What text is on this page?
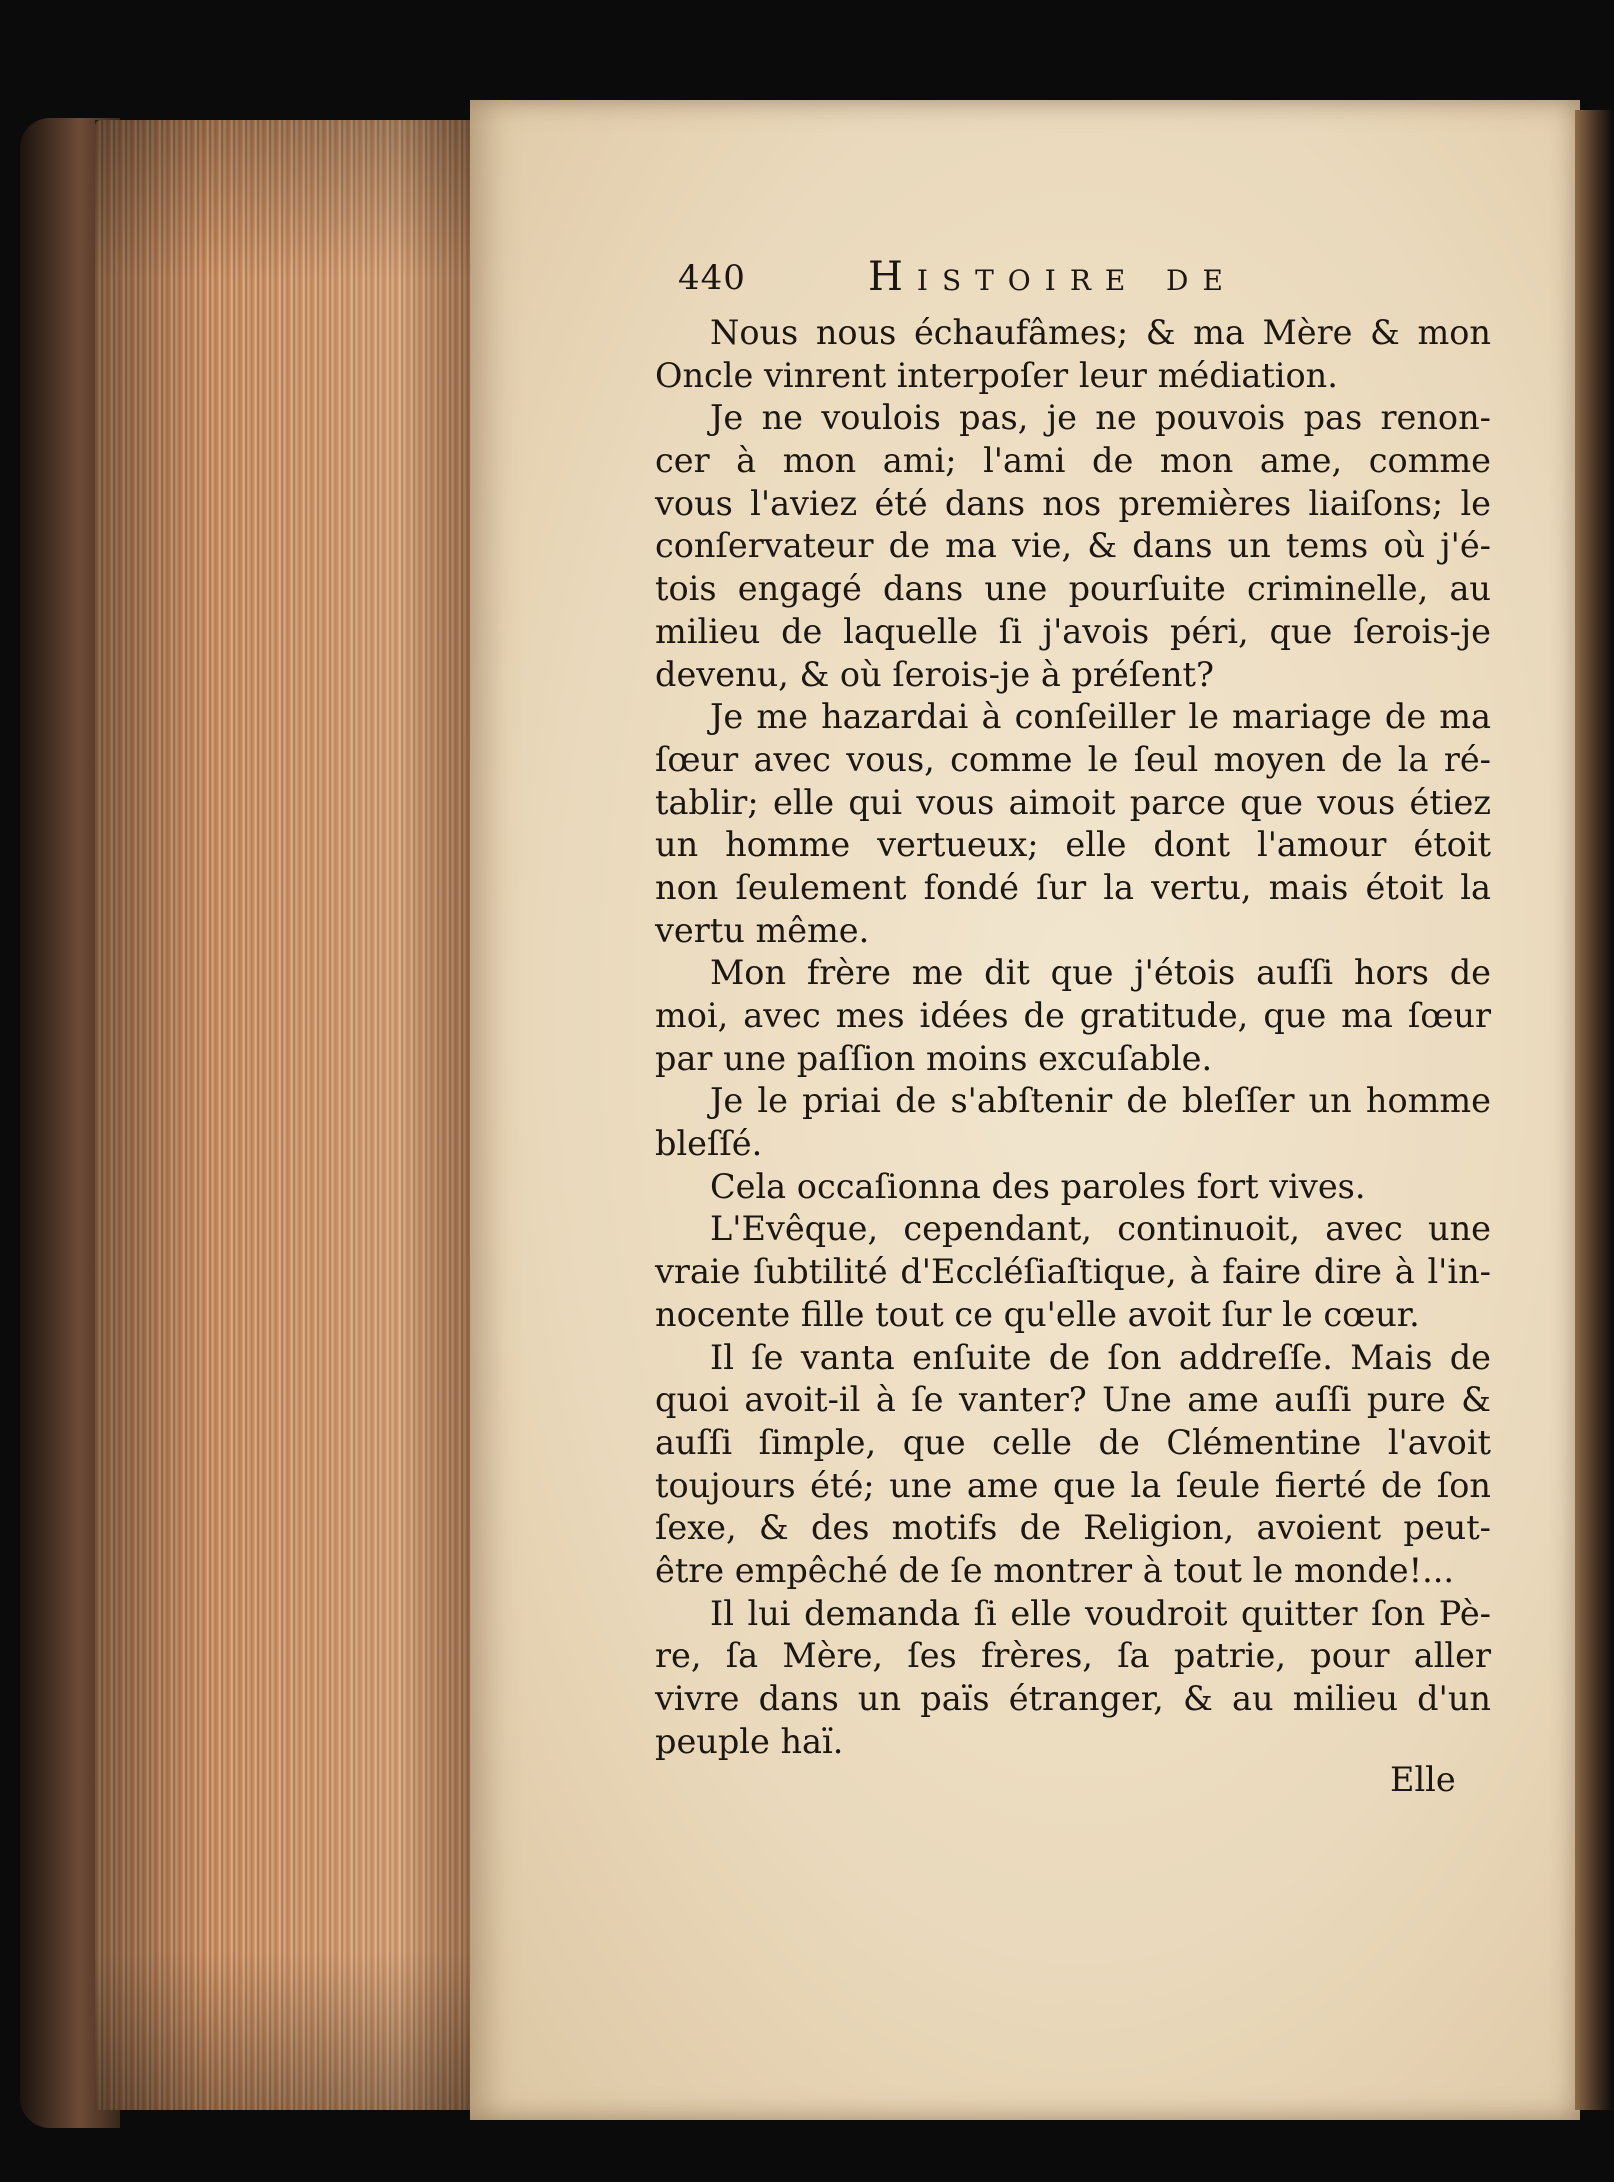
440	Histoire de
Nous nous échaufâmes; & ma Mère & mon
Oncle vinrent interpoſer leur médiation.
Je ne voulois pas, je ne pouvois pas renon-
cer à mon ami; l'ami de mon ame, comme
vous l'aviez été dans nos premières liaiſons; le
conſervateur de ma vie, & dans un tems où j'é-
tois engagé dans une pourſuite criminelle, au
milieu de laquelle ſi j'avois péri, que ſerois-je
devenu, & où ſerois-je à préſent?
Je me hazardai à conſeiller le mariage de ma
ſœur avec vous, comme le ſeul moyen de la ré-
tablir; elle qui vous aimoit parce que vous étiez
un homme vertueux; elle dont l'amour étoit
non ſeulement fondé ſur la vertu, mais étoit la
vertu même.
Mon frère me dit que j'étois auſſi hors de
moi, avec mes idées de gratitude, que ma ſœur
par une paſſion moins excuſable.
Je le priai de s'abſtenir de bleſſer un homme
bleſſé.
Cela occaſionna des paroles fort vives.
L'Evêque, cependant, continuoit, avec une
vraie ſubtilité d'Eccléſiaſtique, à faire dire à l'in-
nocente fille tout ce qu'elle avoit ſur le cœur.
Il ſe vanta enſuite de ſon addreſſe. Mais de
quoi avoit-il à ſe vanter? Une ame auſſi pure &
auſſi ſimple, que celle de Clémentine l'avoit
toujours été; une ame que la ſeule fierté de ſon
ſexe, & des motifs de Religion, avoient peut-
être empêché de ſe montrer à tout le monde!...
Il lui demanda ſi elle voudroit quitter ſon Pè-
re, ſa Mère, ſes frères, ſa patrie, pour aller
vivre dans un païs étranger, & au milieu d'un
peuple haï.
Elle
